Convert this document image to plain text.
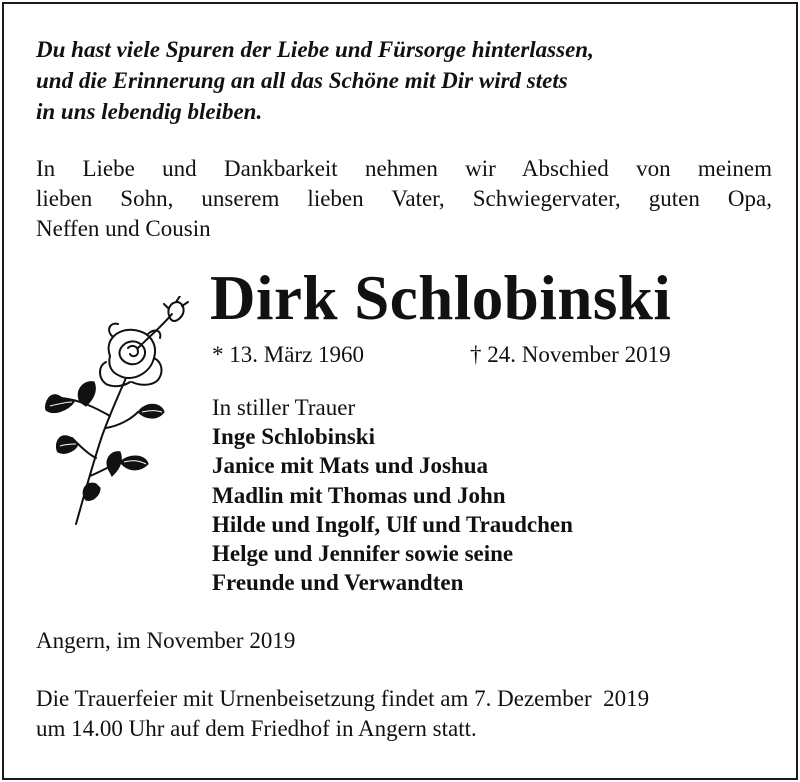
Du hast viele Spuren der Liebe und Fürsorge hinterlassen,
und die Erinnerung an all das Schöne mit Dir wird stets
in uns lebendig bleiben.
In Liebe und Dankbarkeit nehmen wir Abschied von meinem
lieben Sohn, unserem lieben Vater, Schwiegervater, guten Opa,
Neffen und Cousin
Dirk Schlobinski
* 13. März 1960	† 24. November 2019
In stiller Trauer
Inge Schlobinski
Janice mit Mats und Joshua
Madlin mit Thomas und John
Hilde und Ingolf, Ulf und Traudchen
Helge und Jennifer sowie seine
Freunde und Verwandten
Angern, im November 2019
Die Trauerfeier mit Urnenbeisetzung findet am 7. Dezember  2019
um 14.00 Uhr auf dem Friedhof in Angern statt.
